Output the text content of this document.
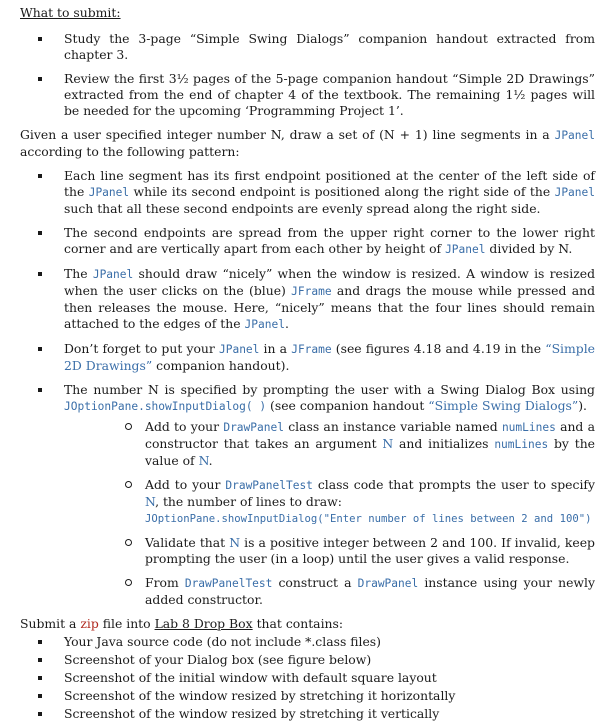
What to submit:
Study the 3-page “Simple Swing Dialogs” companion handout extracted from chapter 3.
Review the first 3½ pages of the 5-page companion handout “Simple 2D Drawings” extracted from the end of chapter 4 of the textbook. The remaining 1½ pages will be needed for the upcoming ‘Programming Project 1’.

Given a user specified integer number N, draw a set of (N + 1) line segments in a JPanel according to the following pattern:

Each line segment has its first endpoint positioned at the center of the left side of the JPanel while its second endpoint is positioned along the right side of the JPanel such that all these second endpoints are evenly spread along the right side.
The second endpoints are spread from the upper right corner to the lower right corner and are vertically apart from each other by height of JPanel divided by N.
The JPanel should draw “nicely” when the window is resized. A window is resized when the user clicks on the (blue) JFrame and drags the mouse while pressed and then releases the mouse. Here, “nicely” means that the four lines should remain attached to the edges of the JPanel.
Don’t forget to put your JPanel in a JFrame (see figures 4.18 and 4.19 in the “Simple 2D Drawings” companion handout).
The number N is specified by prompting the user with a Swing Dialog Box using JOptionPane.showInputDialog( ) (see companion handout “Simple Swing Dialogs”).
Add to your DrawPanel class an instance variable named numLines and a constructor that takes an argument N and initializes numLines by the value of N.
Add to your DrawPanelTest class code that prompts the user to specify N, the number of lines to draw:
JOptionPane.showInputDialog("Enter number of lines between 2 and 100")
Validate that N is a positive integer between 2 and 100. If invalid, keep prompting the user (in a loop) until the user gives a valid response.
From DrawPanelTest construct a DrawPanel instance using your newly added constructor.

Submit a zip file into Lab 8 Drop Box that contains:

Your Java source code (do not include *.class files)
Screenshot of your Dialog box (see figure below)
Screenshot of the initial window with default square layout
Screenshot of the window resized by stretching it horizontally
Screenshot of the window resized by stretching it vertically
